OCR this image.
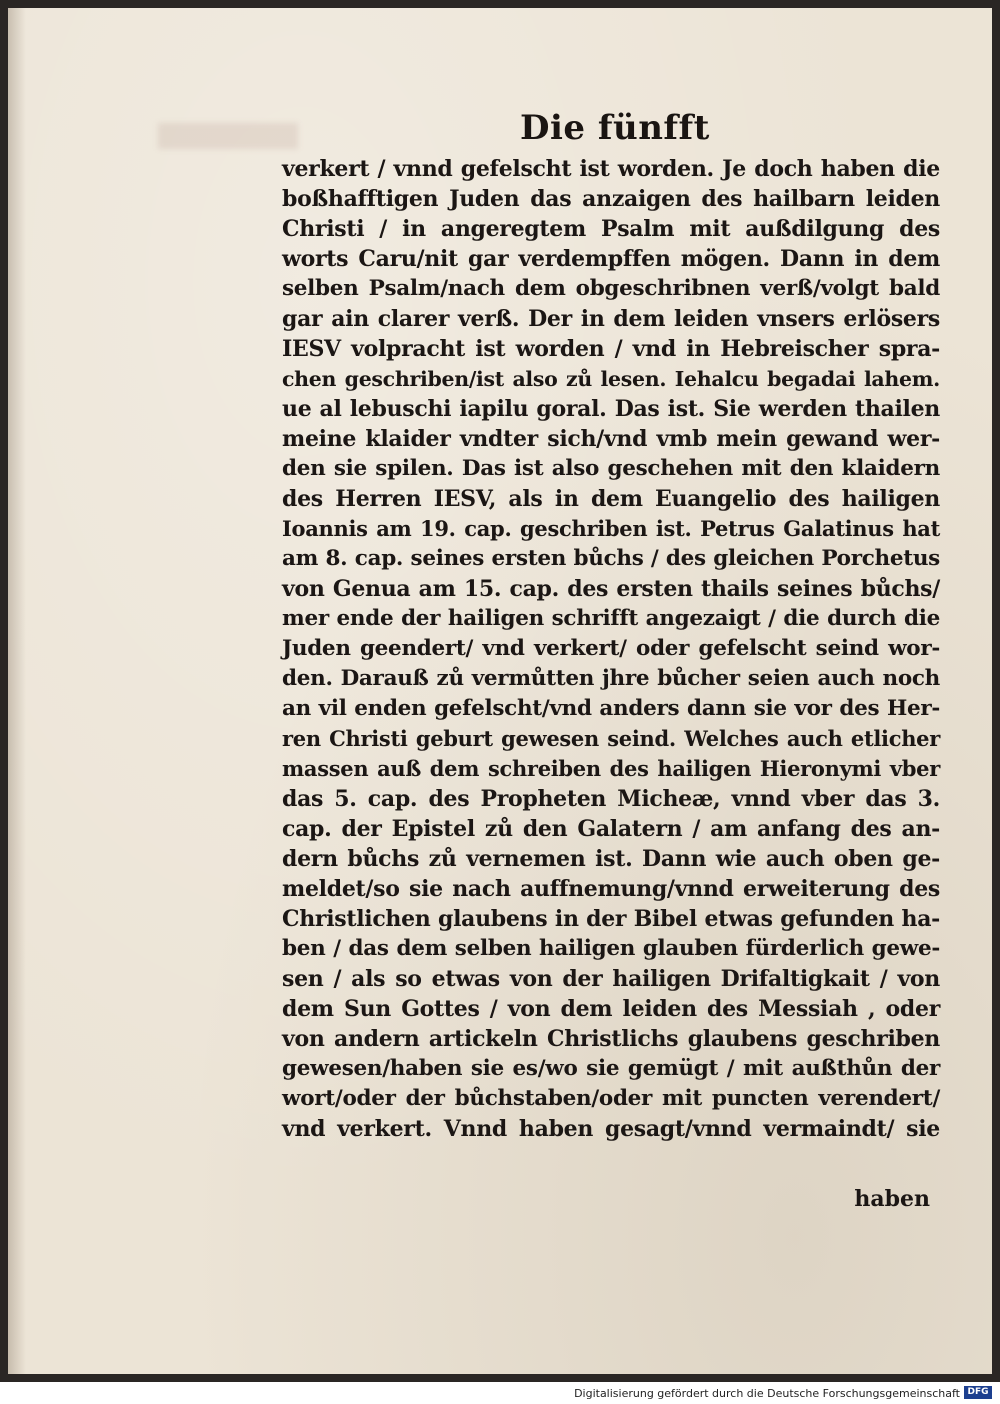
Die fünfft
verkert / vnnd gefelscht ist worden. Je doch haben die
boßhafftigen Juden das anzaigen des hailbarn leiden
Christi / in angeregtem Psalm mit außdilgung des
worts Caru/nit gar verdempffen mögen. Dann in dem
selben Psalm/nach dem obgeschribnen verß/volgt bald
gar ain clarer verß. Der in dem leiden vnsers erlösers
IESV volpracht ist worden / vnd in Hebreischer spra-
chen geschriben/ist also zů lesen. Iehalcu begadai lahem.
ue al lebuschi iapilu goral. Das ist. Sie werden thailen
meine klaider vndter sich/vnd vmb mein gewand wer-
den sie spilen. Das ist also geschehen mit den klaidern
des Herren IESV, als in dem Euangelio des hailigen
Ioannis am 19. cap. geschriben ist. Petrus Galatinus hat
am 8. cap. seines ersten bůchs / des gleichen Porchetus
von Genua am 15. cap. des ersten thails seines bůchs/
mer ende der hailigen schrifft angezaigt / die durch die
Juden geendert/ vnd verkert/ oder gefelscht seind wor-
den. Darauß zů vermůtten jhre bůcher seien auch noch
an vil enden gefelscht/vnd anders dann sie vor des Her-
ren Christi geburt gewesen seind. Welches auch etlicher
massen auß dem schreiben des hailigen Hieronymi vber
das 5. cap. des Propheten Micheæ, vnnd vber das 3.
cap. der Epistel zů den Galatern / am anfang des an-
dern bůchs zů vernemen ist. Dann wie auch oben ge-
meldet/so sie nach auffnemung/vnnd erweiterung des
Christlichen glaubens in der Bibel etwas gefunden ha-
ben / das dem selben hailigen glauben fürderlich gewe-
sen / als so etwas von der hailigen Drifaltigkait / von
dem Sun Gottes / von dem leiden des Messiah , oder
von andern artickeln Christlichs glaubens geschriben
gewesen/haben sie es/wo sie gemügt / mit außthůn der
wort/oder der bůchstaben/oder mit puncten verendert/
vnd verkert. Vnnd haben gesagt/vnnd vermaindt/ sie
haben
Digitalisierung gefördert durch die Deutsche Forschungsgemeinschaft DFG
